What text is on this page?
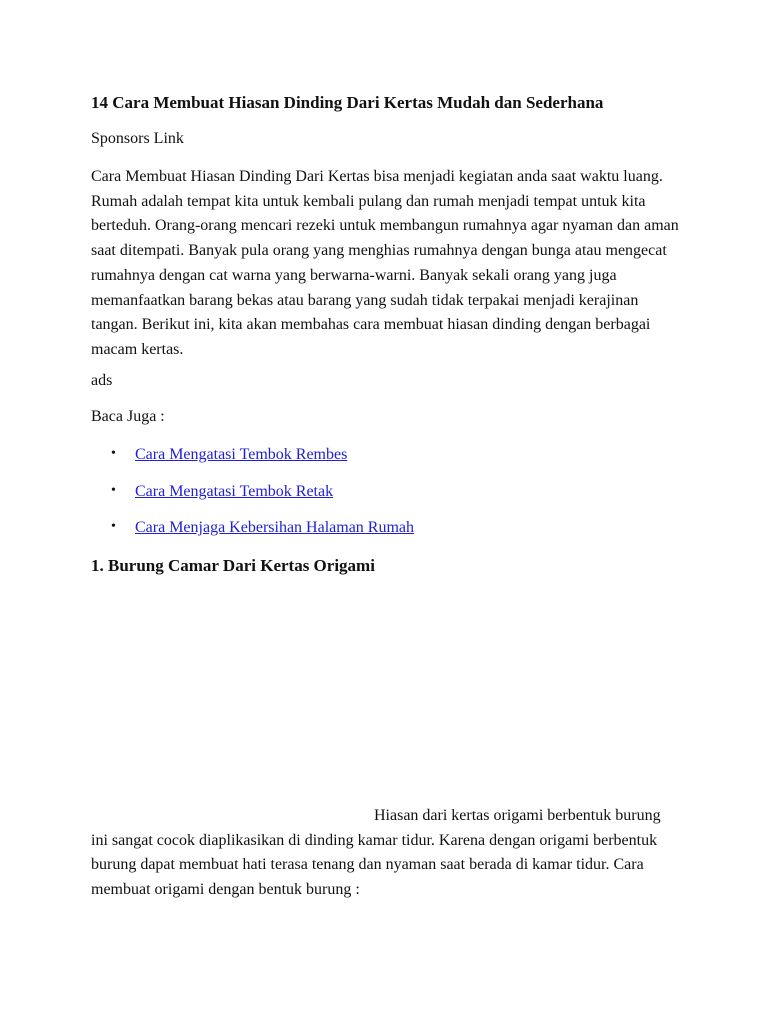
14 Cara Membuat Hiasan Dinding Dari Kertas Mudah dan Sederhana

Sponsors Link

Cara Membuat Hiasan Dinding Dari Kertas bisa menjadi kegiatan anda saat waktu luang. Rumah adalah tempat kita untuk kembali pulang dan rumah menjadi tempat untuk kita berteduh. Orang-orang mencari rezeki untuk membangun rumahnya agar nyaman dan aman saat ditempati. Banyak pula orang yang menghias rumahnya dengan bunga atau mengecat rumahnya dengan cat warna yang berwarna-warni. Banyak sekali orang yang juga memanfaatkan barang bekas atau barang yang sudah tidak terpakai menjadi kerajinan tangan. Berikut ini, kita akan membahas cara membuat hiasan dinding dengan berbagai macam kertas.

ads

Baca Juga :

• Cara Mengatasi Tembok Rembes
• Cara Mengatasi Tembok Retak
• Cara Menjaga Kebersihan Halaman Rumah
1. Burung Camar Dari Kertas Origami

Hiasan dari kertas origami berbentuk burung ini sangat cocok diaplikasikan di dinding kamar tidur. Karena dengan origami berbentuk burung dapat membuat hati terasa tenang dan nyaman saat berada di kamar tidur. Cara membuat origami dengan bentuk burung :
